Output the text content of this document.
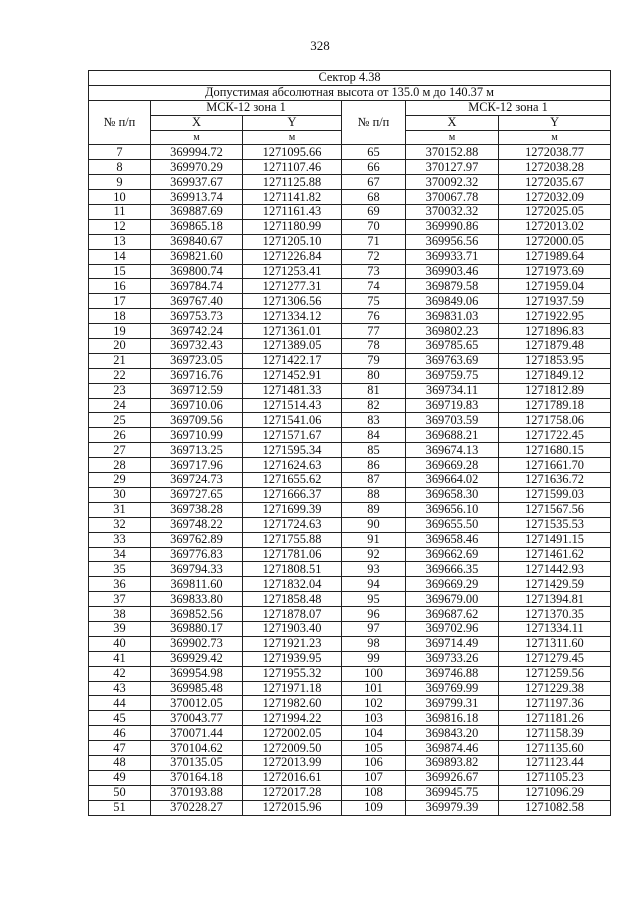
328
Сектор 4.38					
Допустимая абсолютная высота от 135.0 м до 140.37 м					
№ п/п	МСК-12 зона 1		№ п/п	МСК-12 зона 1	
	X	Y		X	Y
	м	м		м	м
7	369994.72	1271095.66	65	370152.88	1272038.77
8	369970.29	1271107.46	66	370127.97	1272038.28
9	369937.67	1271125.88	67	370092.32	1272035.67
10	369913.74	1271141.82	68	370067.78	1272032.09
11	369887.69	1271161.43	69	370032.32	1272025.05
12	369865.18	1271180.99	70	369990.86	1272013.02
13	369840.67	1271205.10	71	369956.56	1272000.05
14	369821.60	1271226.84	72	369933.71	1271989.64
15	369800.74	1271253.41	73	369903.46	1271973.69
16	369784.74	1271277.31	74	369879.58	1271959.04
17	369767.40	1271306.56	75	369849.06	1271937.59
18	369753.73	1271334.12	76	369831.03	1271922.95
19	369742.24	1271361.01	77	369802.23	1271896.83
20	369732.43	1271389.05	78	369785.65	1271879.48
21	369723.05	1271422.17	79	369763.69	1271853.95
22	369716.76	1271452.91	80	369759.75	1271849.12
23	369712.59	1271481.33	81	369734.11	1271812.89
24	369710.06	1271514.43	82	369719.83	1271789.18
25	369709.56	1271541.06	83	369703.59	1271758.06
26	369710.99	1271571.67	84	369688.21	1271722.45
27	369713.25	1271595.34	85	369674.13	1271680.15
28	369717.96	1271624.63	86	369669.28	1271661.70
29	369724.73	1271655.62	87	369664.02	1271636.72
30	369727.65	1271666.37	88	369658.30	1271599.03
31	369738.28	1271699.39	89	369656.10	1271567.56
32	369748.22	1271724.63	90	369655.50	1271535.53
33	369762.89	1271755.88	91	369658.46	1271491.15
34	369776.83	1271781.06	92	369662.69	1271461.62
35	369794.33	1271808.51	93	369666.35	1271442.93
36	369811.60	1271832.04	94	369669.29	1271429.59
37	369833.80	1271858.48	95	369679.00	1271394.81
38	369852.56	1271878.07	96	369687.62	1271370.35
39	369880.17	1271903.40	97	369702.96	1271334.11
40	369902.73	1271921.23	98	369714.49	1271311.60
41	369929.42	1271939.95	99	369733.26	1271279.45
42	369954.98	1271955.32	100	369746.88	1271259.56
43	369985.48	1271971.18	101	369769.99	1271229.38
44	370012.05	1271982.60	102	369799.31	1271197.36
45	370043.77	1271994.22	103	369816.18	1271181.26
46	370071.44	1272002.05	104	369843.20	1271158.39
47	370104.62	1272009.50	105	369874.46	1271135.60
48	370135.05	1272013.99	106	369893.82	1271123.44
49	370164.18	1272016.61	107	369926.67	1271105.23
50	370193.88	1272017.28	108	369945.75	1271096.29
51	370228.27	1272015.96	109	369979.39	1271082.58
